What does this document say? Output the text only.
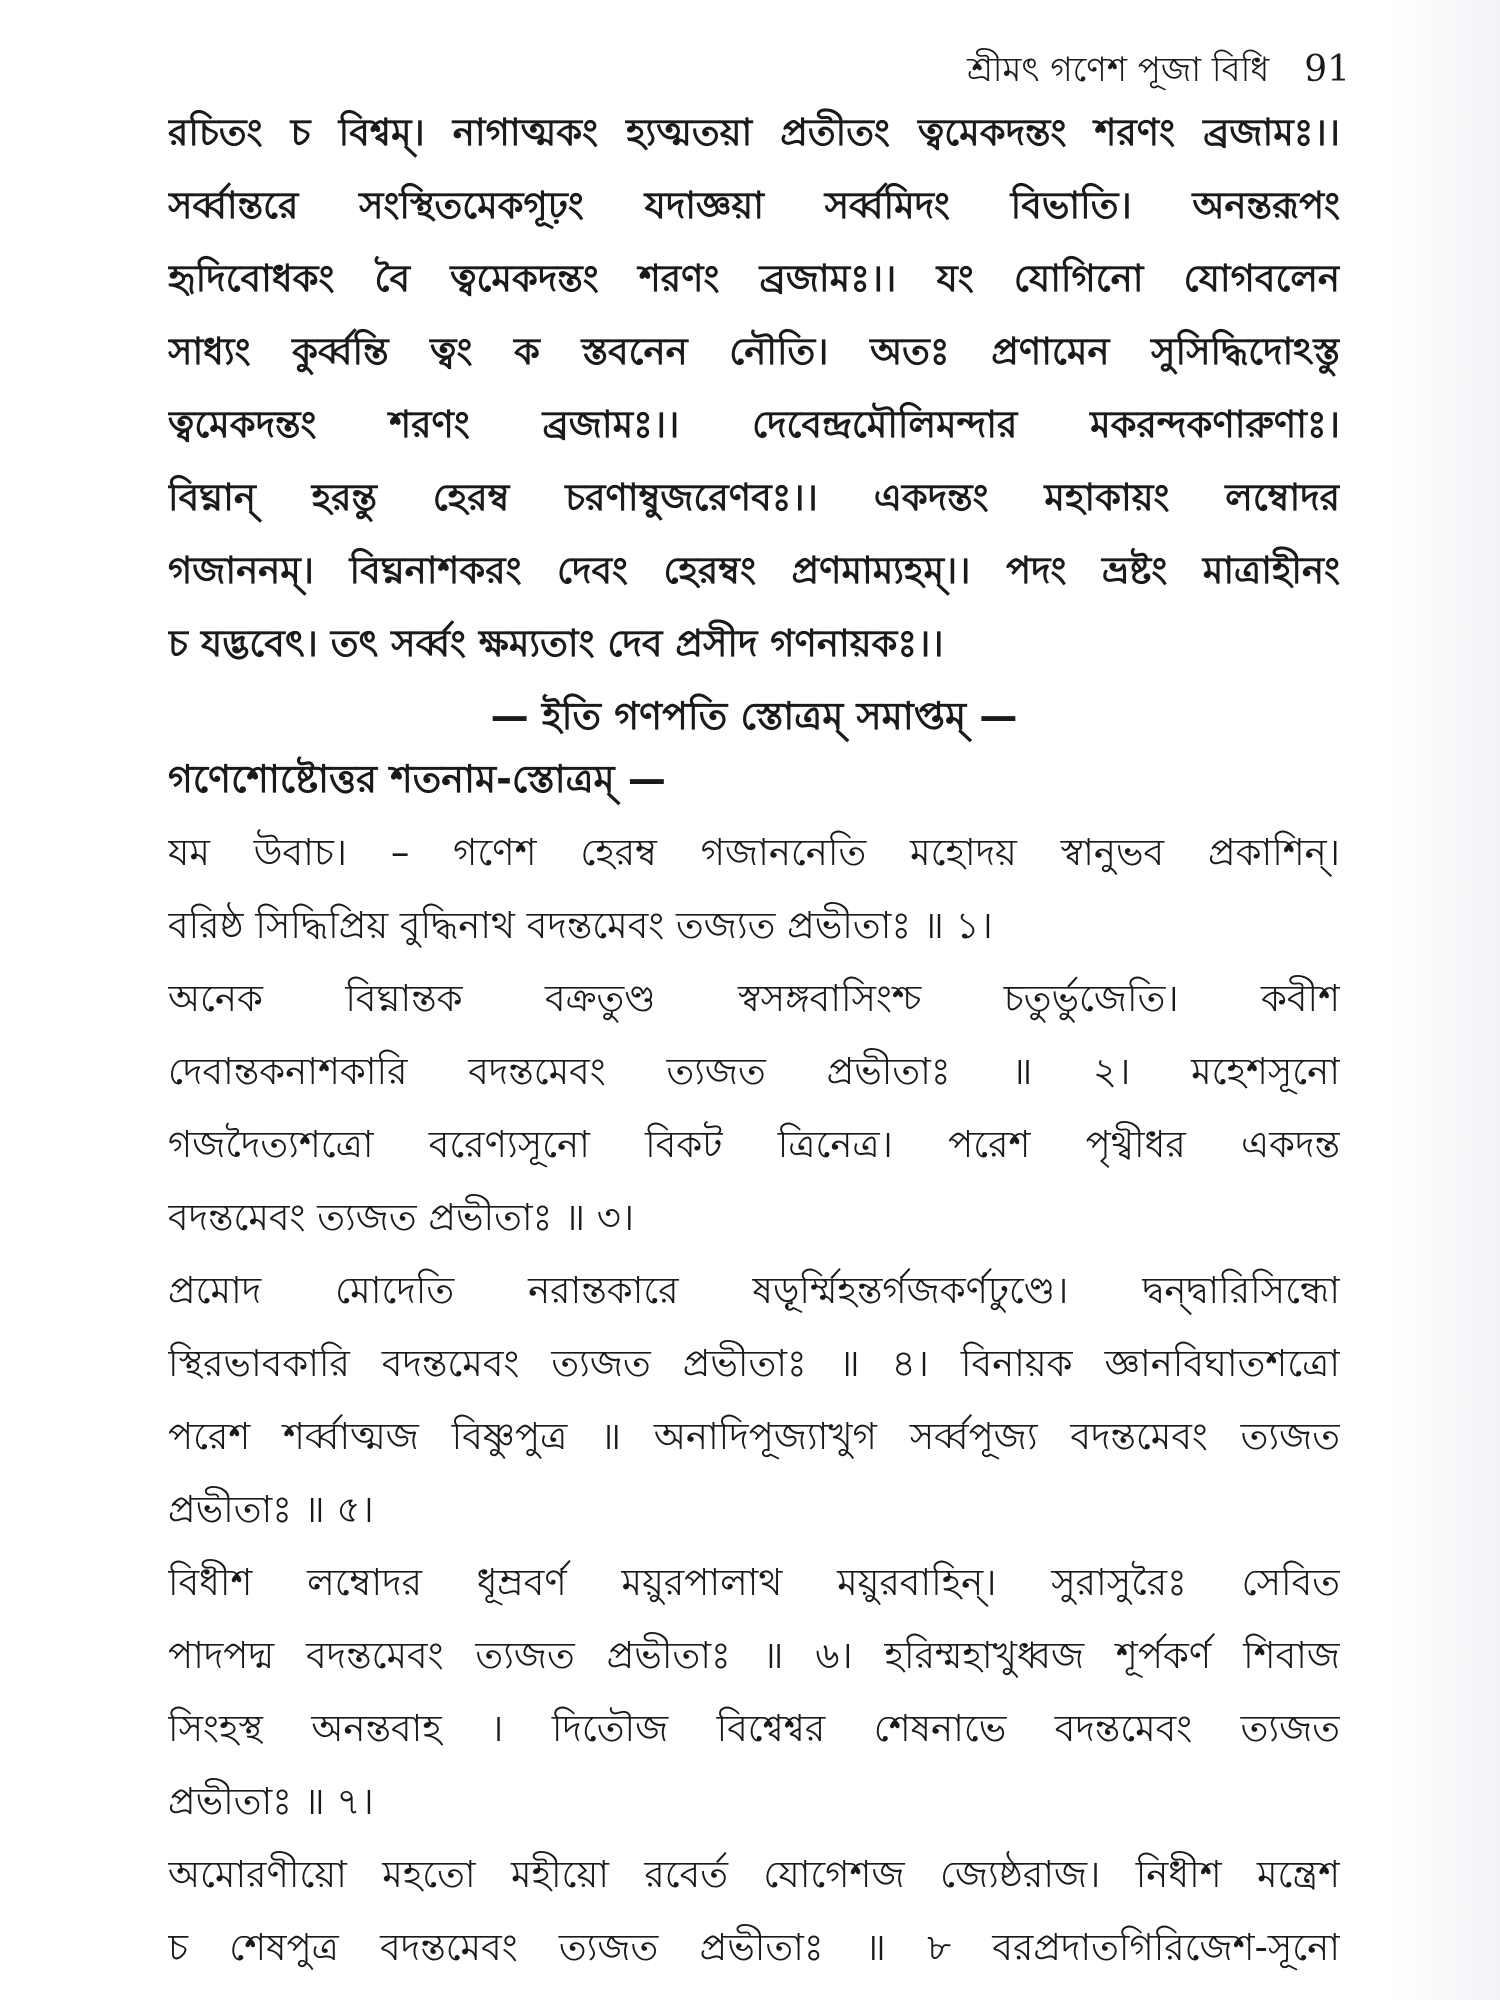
শ্রীমৎ গণেশ পূজা বিধি 91
রচিতং চ বিশ্বম্। নাগাত্মকং হ্যত্মতয়া প্রতীতং ত্বমেকদন্তং শরণং ব্রজামঃ।।
সর্ব্বান্তরে সংস্থিতমেকগূঢ়ং যদাজ্ঞয়া সর্ব্বমিদং বিভাতি। অনন্তরূপং
হৃদিবোধকং বৈ ত্বমেকদন্তং শরণং ব্রজামঃ।। যং যোগিনো যোগবলেন
সাধ্যং কুর্ব্বন্তি ত্বং ক স্তবনেন নৌতি। অতঃ প্রণামেন সুসিদ্ধিদোঽস্তু
ত্বমেকদন্তং শরণং ব্রজামঃ।। দেবেন্দ্রমৌলিমন্দার মকরন্দকণারুণাঃ।
বিঘ্নান্ হরন্তু হেরম্ব চরণাম্বুজরেণবঃ।। একদন্তং মহাকায়ং লম্বোদর
গজাননম্। বিঘ্ননাশকরং দেবং হেরম্বং প্রণমাম্যহম্।। পদং ভ্রষ্টং মাত্রাহীনং
চ যদ্ভবেৎ। তৎ সর্ব্বং ক্ষম্যতাং দেব প্রসীদ গণনায়কঃ।।
— ইতি গণপতি স্তোত্রম্ সমাপ্তম্ —
গণেশোষ্টোত্তর শতনাম-স্তোত্রম্ —
যম উবাচ। – গণেশ হেরম্ব গজাননেতি মহোদয় স্বানুভব প্রকাশিন্।
বরিষ্ঠ সিদ্ধিপ্রিয় বুদ্ধিনাথ বদন্তমেবং তজ্যত প্রভীতাঃ ॥ ১।
অনেক বিঘ্নান্তক বক্রতুণ্ড স্বসঙ্গবাসিংশ্চ চতুর্ভুজেতি। কবীশ
দেবান্তকনাশকারি বদন্তমেবং ত্যজত প্রভীতাঃ ॥ ২। মহেশসূনো
গজদৈত্যশত্রো বরেণ্যসূনো বিকট ত্রিনেত্র। পরেশ পৃথ্বীধর একদন্ত
বদন্তমেবং ত্যজত প্রভীতাঃ ॥ ৩।
প্রমোদ মোদেতি নরান্তকারে ষড়ূর্ম্মিহন্তর্গজকর্ণঢুণ্ডে। দ্বন্দ্বারিসিন্ধো
স্থিরভাবকারি বদন্তমেবং ত্যজত প্রভীতাঃ ॥ ৪। বিনায়ক জ্ঞানবিঘাতশত্রো
পরেশ শর্ব্বাত্মজ বিষ্ণুপুত্র ॥ অনাদিপূজ্যাখুগ সর্ব্বপূজ্য বদন্তমেবং ত্যজত
প্রভীতাঃ ॥ ৫।
বিধীশ লম্বোদর ধূম্রবর্ণ ময়ুরপালাথ ময়ুরবাহিন্। সুরাসুরৈঃ সেবিত
পাদপদ্ম বদন্তমেবং ত্যজত প্রভীতাঃ ॥ ৬। হরিম্মহাখুধ্বজ শূর্পকর্ণ শিবাজ
সিংহস্থ অনন্তবাহ । দিতৌজ বিশ্বেশ্বর শেষনাভে বদন্তমেবং ত্যজত
প্রভীতাঃ ॥ ৭।
অমোরণীয়ো মহতো মহীয়ো রবের্ত যোগেশজ জ্যেষ্ঠরাজ। নিধীশ মন্ত্রেশ
চ শেষপুত্র বদন্তমেবং ত্যজত প্রভীতাঃ ॥ ৮ বরপ্রদাতগিরিজেশ-সূনো
